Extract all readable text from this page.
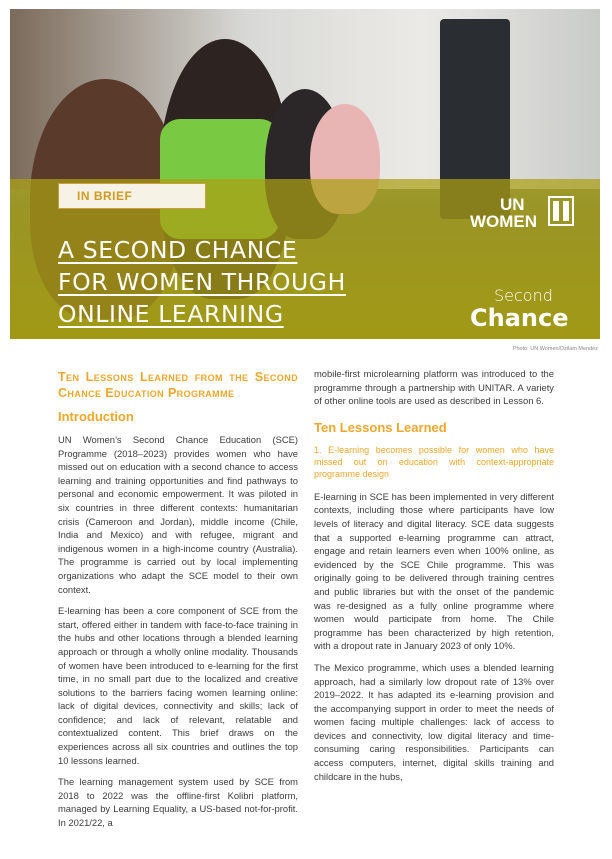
IN BRIEF
A SECOND CHANCE
FOR WOMEN THROUGH
ONLINE LEARNING
UN
WOMEN
Second
Chance
Photo: UN Women/Dzilam Mendez
Ten Lessons Learned from the Second Chance Education Programme
Introduction

UN Women’s Second Chance Education (SCE) Programme (2018–2023) provides women who have missed out on education with a second chance to access learning and training opportunities and find pathways to personal and economic empowerment. It was piloted in six countries in three different contexts: humanitarian crisis (Cameroon and Jordan), middle income (Chile, India and Mexico) and with refugee, migrant and indigenous women in a high-income country (Australia). The programme is carried out by local implementing organizations who adapt the SCE model to their own context.

E-learning has been a core component of SCE from the start, offered either in tandem with face-to-face training in the hubs and other locations through a blended learning approach or through a wholly online modality. Thousands of women have been introduced to e-learning for the first time, in no small part due to the localized and creative solutions to the barriers facing women learning online: lack of digital devices, connectivity and skills; lack of confidence; and lack of relevant, relatable and contextualized content. This brief draws on the experiences across all six countries and outlines the top 10 lessons learned.

The learning management system used by SCE from 2018 to 2022 was the offline-first Kolibri platform, managed by Learning Equality, a US-based not-for-profit. In 2021/22, a

mobile-first microlearning platform was introduced to the programme through a partnership with UNITAR. A variety of other online tools are used as described in Lesson 6.

Ten Lessons Learned
1. E-learning becomes possible for women who have missed out on education with context-appropriate programme design

E-learning in SCE has been implemented in very different contexts, including those where participants have low levels of literacy and digital literacy. SCE data suggests that a supported e-learning programme can attract, engage and retain learners even when 100% online, as evidenced by the SCE Chile programme. This was originally going to be delivered through training centres and public libraries but with the onset of the pandemic was re-designed as a fully online programme where women would participate from home. The Chile programme has been characterized by high retention, with a dropout rate in January 2023 of only 10%.

The Mexico programme, which uses a blended learning approach, had a similarly low dropout rate of 13% over 2019–2022. It has adapted its e-learning provision and the accompanying support in order to meet the needs of women facing multiple challenges: lack of access to devices and connectivity, low digital literacy and time-consuming caring responsibilities. Participants can access computers, internet, digital skills training and childcare in the hubs,
